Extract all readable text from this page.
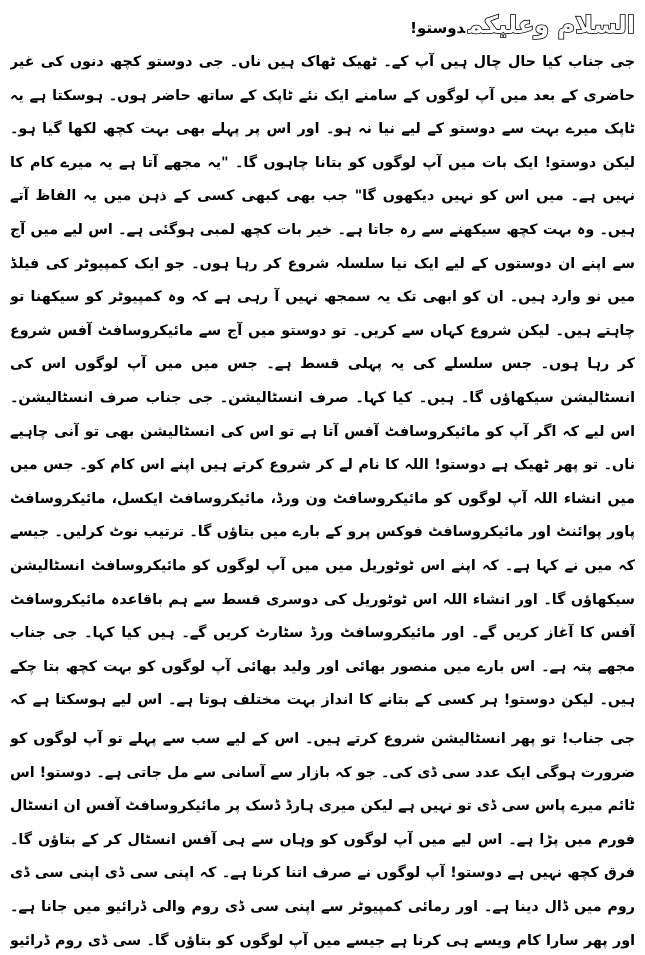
السلام وعلیکمدوستو!

جی جناب کیا حال چال ہیں آپ کے۔ ٹھیک ٹھاک ہیں ناں۔ جی دوستو کچھ دنوں کی غیر حاضری کے بعد میں آپ لوگوں کے سامنے ایک نئے ٹاپک کے ساتھ حاضر ہوں۔ ہوسکتا ہے یہ ٹاپک میرے بہت سے دوستو کے لیے نیا نہ ہو۔ اور اس پر پہلے بھی بہت کچھ لکھا گیا ہو۔ لیکن دوستو! ایک بات میں آپ لوگوں کو بتانا چاہوں گا۔ "یہ مجھے آتا ہے یہ میرے کام کا نہیں ہے۔ میں اس کو نہیں دیکھوں گا" جب بھی کبھی کسی کے ذہن میں یہ الفاظ آتے ہیں۔ وہ بہت کچھ سیکھنے سے رہ جاتا ہے۔ خیر بات کچھ لمبی ہوگئی ہے۔ اس لیے میں آج سے اپنے ان دوستوں کے لیے ایک نیا سلسلہ شروع کر رہا ہوں۔ جو ایک کمپیوٹر کی فیلڈ میں نو وارد ہیں۔ ان کو ابھی تک یہ سمجھ نہیں آ رہی ہے کہ وہ کمپیوٹر کو سیکھنا تو چاہتے ہیں۔ لیکن شروع کہاں سے کریں۔ تو دوستو میں آج سے مائیکروسافٹ آفس شروع کر رہا ہوں۔ جس سلسلے کی یہ پہلی قسط ہے۔ جس میں میں آپ لوگوں اس کی انسٹالیشن سیکھاؤں گا۔ ہیں۔ کیا کہا۔ صرف انسٹالیشن۔ جی جناب صرف انسٹالیشن۔ اس لیے کہ اگر آپ کو مائیکروسافٹ آفس آتا ہے تو اس کی انسٹالیشن بھی تو آنی چاہیے ناں۔ تو پھر ٹھیک ہے دوستو! اللہ کا نام لے کر شروع کرتے ہیں اپنے اس کام کو۔ جس میں میں انشاء اللہ آپ لوگوں کو مائیکروسافٹ ون ورڈ، مائیکروسافٹ ایکسل، مائیکروسافٹ پاور پوائنٹ اور مائیکروسافٹ فوکس پرو کے بارے میں بتاؤں گا۔ ترتیب نوٹ کرلیں۔ جیسے کہ میں نے کہا ہے۔ کہ اپنے اس ٹوٹوریل میں میں آپ لوگوں کو مائیکروسافٹ انسٹالیشن سیکھاؤں گا۔ اور انشاء اللہ اس ٹوٹوریل کی دوسری قسط سے ہم باقاعدہ مائیکروسافٹ آفس کا آغاز کریں گے۔ اور مائیکروسافٹ ورڈ سٹارٹ کریں گے۔ ہیں کیا کہا۔ جی جناب مجھے پتہ ہے۔ اس بارے میں منصور بھائی اور ولید بھائی آپ لوگوں کو بہت کچھ بتا چکے ہیں۔ لیکن دوستو! ہر کسی کے بتانے کا انداز بہت مختلف ہوتا ہے۔ اس لیے ہوسکتا ہے کہ

جی جناب! تو پھر انسٹالیشن شروع کرتے ہیں۔ اس کے لیے سب سے پہلے تو آپ لوگوں کو ضرورت ہوگی ایک عدد سی ڈی کی۔ جو کہ بازار سے آسانی سے مل جاتی ہے۔ دوستو! اس ٹائم میرے پاس سی ڈی تو نہیں ہے لیکن میری ہارڈ ڈسک پر مائیکروسافٹ آفس ان انسٹال فورم میں پڑا ہے۔ اس لیے میں آپ لوگوں کو وہاں سے ہی آفس انسٹال کر کے بتاؤں گا۔ فرق کچھ نہیں ہے دوستو! آپ لوگوں نے صرف اتنا کرنا ہے۔ کہ اپنی سی ڈی اپنی سی ڈی روم میں ڈال دینا ہے۔ اور رمائی کمپیوٹر سے اپنی سی ڈی روم والی ڈرائیو میں جانا ہے۔ اور پھر سارا کام ویسے ہی کرنا ہے جیسے میں آپ لوگوں کو بتاؤں گا۔ سی ڈی روم ڈرائیو
